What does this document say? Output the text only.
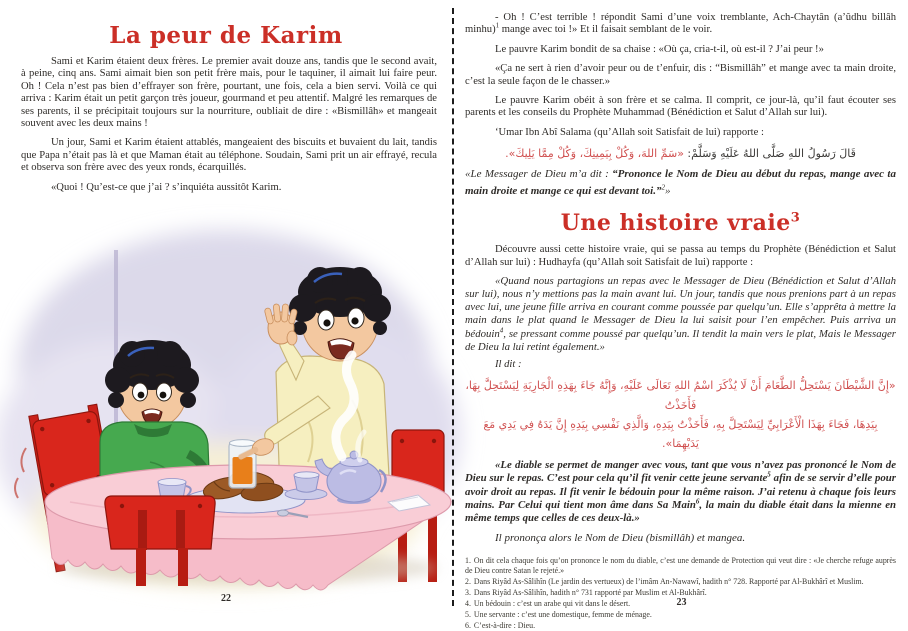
La peur de Karim

Sami et Karim étaient deux frères. Le premier avait douze ans, tandis que le second avait, à peine, cinq ans. Sami aimait bien son petit frère mais, pour le taquiner, il aimait lui faire peur. Oh ! Cela n’est pas bien d’effrayer son frère, pourtant, une fois, cela a bien servi. Voilà ce qui arriva : Karim était un petit garçon très joueur, gourmand et peu attentif. Malgré les remarques de ses parents, il se précipitait toujours sur la nourriture, oubliait de dire : «Bismillâh» et mangeait souvent avec les deux mains !

Un jour, Sami et Karim étaient attablés, mangeaient des biscuits et buvaient du lait, tandis que Papa n’était pas là et que Maman était au téléphone. Soudain, Sami prit un air effrayé, recula et observa son frère avec des yeux ronds, écarquillés.

«Quoi ! Qu’est-ce que j’ai ? s’inquiéta aussitôt Karim.

22

- Oh ! C’est terrible ! répondit Sami d’une voix tremblante, Ach-Chaytân (a’ûdhu billâh minhu)$^1$ mange avec toi !» Et il faisait semblant de le voir.

Le pauvre Karim bondit de sa chaise : «Où ça, cria-t-il, où est-il ? J’ai peur !»

«Ça ne sert à rien d’avoir peur ou de t’enfuir, dis : “Bismillâh” et mange avec ta main droite, c’est la seule façon de le chasser.»

Le pauvre Karim obéit à son frère et se calma. Il comprit, ce jour-là, qu’il faut écouter ses parents et les conseils du Prophète Muhammad (Bénédiction et Salut d’Allah sur lui).

‘Umar Ibn Abî Salama (qu’Allah soit Satisfait de lui) rapporte :

قَالَ رَسُولُ اللهِ صَلَّى اللهُ عَلَيْهِ وَسَلَّمْ: «سَمِّ اللهَ، وَكُلْ بِيَمِينِكَ، وَكُلْ مِمَّا يَلِيكَ».

«Le Messager de Dieu m’a dit : “Prononce le Nom de Dieu au début du repas, mange avec ta main droite et mange ce qui est devant toi.”$^2$»

Une histoire vraie$^3$

Découvre aussi cette histoire vraie, qui se passa au temps du Prophète (Bénédiction et Salut d’Allah sur lui) : Hudhayfa (qu’Allah soit Satisfait de lui) rapporte :

«Quand nous partagions un repas avec le Messager de Dieu (Bénédiction et Salut d’Allah sur lui), nous n’y mettions pas la main avant lui. Un jour, tandis que nous prenions part à un repas avec lui, une jeune fille arriva en courant comme poussée par quelqu’un. Elle s’apprêta à mettre la main dans le plat quand le Messager de Dieu la lui saisit pour l’en empêcher. Puis arriva un bédouin$^4$, se pressant comme poussé par quelqu’un. Il tendit la main vers le plat, Mais le Messager de Dieu la lui retint également.»

Il dit :

«إِنَّ الشَّيْطَانَ يَسْتَحِلُّ الطَّعَامَ أَنْ لَا يُذْكَرَ اسْمُ اللهِ تَعَالَى عَلَيْهِ، وَإِنَّهُ جَاءَ بِهَذِهِ الْجَارِيَةِ لِيَسْتَحِلَّ بِهَا، فَأَخَذْتُ
بِيَدِهَا، فَجَاءَ بِهَذَا الْأَعْرَابِيِّ لِيَسْتَحِلَّ بِهِ، فَأَخَذْتُ بِيَدِهِ، وَالَّذِي نَفْسِي بِيَدِهِ إِنَّ يَدَهُ فِي يَدِي مَعَ يَدَيْهِمَا».

«Le diable se permet de manger avec vous, tant que vous n’avez pas prononcé le Nom de Dieu sur le repas. C’est pour cela qu’il fit venir cette jeune servante$^5$ afin de se servir d’elle pour avoir droit au repas. Il fit venir le bédouin pour la même raison. J’ai retenu à chaque fois leurs mains. Par Celui qui tient mon âme dans Sa Main$^6$, la main du diable était dans la mienne en même temps que celles de ces deux-là.»

Il prononça alors le Nom de Dieu (bismillâh) et mangea.

1. On dit cela chaque fois qu’on prononce le nom du diable, c’est une demande de Protection qui veut dire : «Je cherche refuge auprès de Dieu contre Satan le rejeté.»
2. Dans Riyâd As-Sâlihîn (Le jardin des vertueux) de l’imâm An-Nawawî, hadith n° 728. Rapporté par Al-Bukhârî et Muslim.
3. Dans Riyâd As-Sâlihîn, hadith n° 731 rapporté par Muslim et Al-Bukhârî.
4. Un bédouin : c’est un arabe qui vit dans le désert.
5. Une servante : c’est une domestique, femme de ménage.
6. C’est-à-dire : Dieu.
23
